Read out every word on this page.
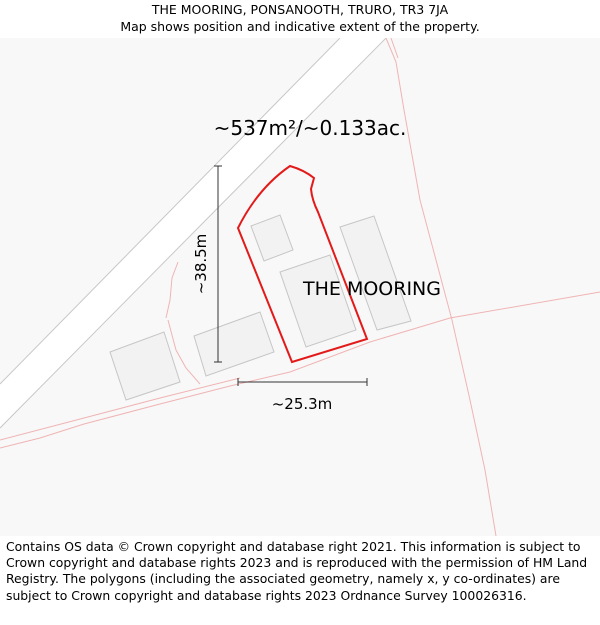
THE MOORING, PONSANOOTH, TRURO, TR3 7JA
Map shows position and indicative extent of the property.
~537m²/~0.133ac.
THE MOORING
~38.5m
~25.3m
Contains OS data © Crown copyright and database right 2021. This information is subject to Crown copyright and database rights 2023 and is reproduced with the permission of HM Land Registry. The polygons (including the associated geometry, namely x, y co-ordinates) are subject to Crown copyright and database rights 2023 Ordnance Survey 100026316.
